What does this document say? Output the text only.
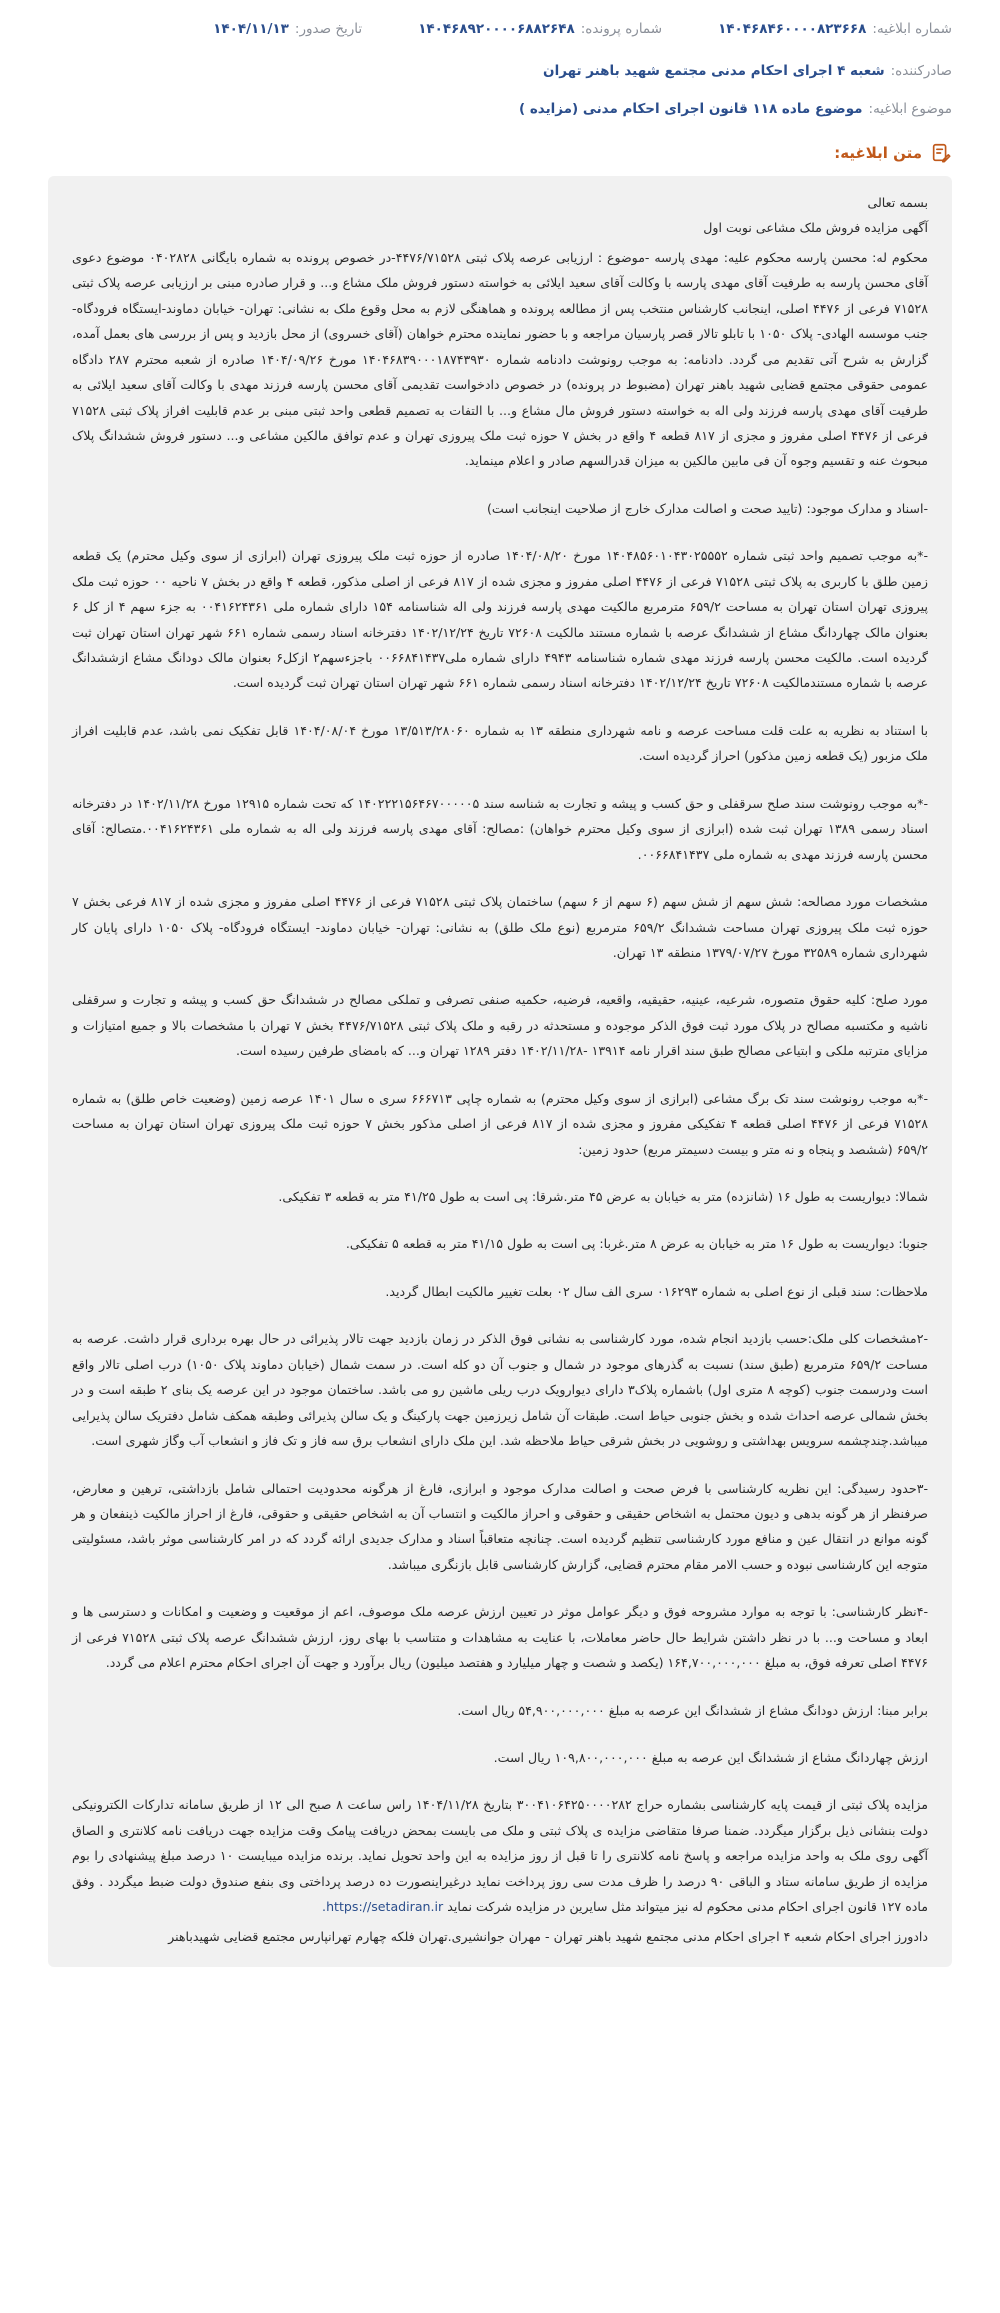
شماره ابلاغیه:۱۴۰۴۶۸۴۶۰۰۰۰۸۲۳۶۶۸
شماره پرونده:۱۴۰۴۶۸۹۲۰۰۰۰۶۸۸۲۶۴۸
تاریخ صدور:۱۴۰۴/۱۱/۱۳
صادرکننده:
شعبه ۴ اجرای احکام مدنی مجتمع شهید باهنر تهران
موضوع ابلاغیه:
موضوع ماده ۱۱۸ قانون اجرای احکام مدنی (مزایده )
متن ابلاغیه:

بسمه تعالی

آگهی مزایده فروش ملک مشاعی نوبت اول

محکوم له: محسن پارسه محکوم علیه: مهدی پارسه -موضوع : ارزیابی عرصه پلاک ثبتی ۴۴۷۶/۷۱۵۲۸-در خصوص پرونده به شماره بایگانی ۰۴۰۲۸۲۸ موضوع دعوی آقای محسن پارسه به طرفیت آقای مهدی پارسه با وکالت آقای سعید ایلائی به خواسته دستور فروش ملک مشاع و... و قرار صادره مبنی بر ارزیابی عرصه پلاک ثبتی ۷۱۵۲۸ فرعی از ۴۴۷۶ اصلی، اینجانب کارشناس منتخب پس از مطالعه پرونده و هماهنگی لازم به محل وقوع ملک به نشانی: تهران- خیابان دماوند-ایستگاه فرودگاه- جنب موسسه الهادی- پلاک ۱۰۵۰ با تابلو تالار قصر پارسیان مراجعه و با حضور نماینده محترم خواهان (آقای خسروی) از محل بازدید و پس از بررسی های بعمل آمده، گزارش به شرح آتی تقدیم می گردد. دادنامه: به موجب رونوشت دادنامه شماره ۱۴۰۴۶۸۳۹۰۰۰۱۸۷۴۳۹۳۰ مورخ ۱۴۰۴/۰۹/۲۶ صادره از شعبه محترم ۲۸۷ دادگاه عمومی حقوقی مجتمع قضایی شهید باهنر تهران (مضبوط در پرونده) در خصوص دادخواست تقدیمی آقای محسن پارسه فرزند مهدی با وکالت آقای سعید ایلائی به طرفیت آقای مهدی پارسه فرزند ولی اله به خواسته دستور فروش مال مشاع و... با التفات به تصمیم قطعی واحد ثبتی مبنی بر عدم قابلیت افراز پلاک ثبتی ۷۱۵۲۸ فرعی از ۴۴۷۶ اصلی مفروز و مجزی از ۸۱۷ قطعه ۴ واقع در بخش ۷ حوزه ثبت ملک پیروزی تهران و عدم توافق مالکین مشاعی و... دستور فروش ششدانگ پلاک مبحوث عنه و تقسیم وجوه آن فی مابین مالکین به میزان قدرالسهم صادر و اعلام مینماید.

-اسناد و مدارک موجود: (تایید صحت و اصالت مدارک خارج از صلاحیت اینجانب است)

-*به موجب تصمیم واحد ثبتی شماره ۱۴۰۴۸۵۶۰۱۰۴۳۰۲۵۵۵۲ مورخ ۱۴۰۴/۰۸/۲۰ صادره از حوزه ثبت ملک پیروزی تهران (ابرازی از سوی وکیل محترم) یک قطعه زمین طلق با کاربری به پلاک ثبتی ۷۱۵۲۸ فرعی از ۴۴۷۶ اصلی مفروز و مجزی شده از ۸۱۷ فرعی از اصلی مذکور، قطعه ۴ واقع در بخش ۷ ناحیه ۰۰ حوزه ثبت ملک پیروزی تهران استان تهران به مساحت ۶۵۹/۲ مترمربع مالکیت مهدی پارسه فرزند ولی اله شناسنامه ۱۵۴ دارای شماره ملی ۰۰۴۱۶۲۴۳۶۱ به جزء سهم ۴ از کل ۶ بعنوان مالک چهاردانگ مشاع از ششدانگ عرصه با شماره مستند مالکیت ۷۲۶۰۸ تاریخ ۱۴۰۲/۱۲/۲۴ دفترخانه اسناد رسمی شماره ۶۶۱ شهر تهران استان تهران ثبت گردیده است. مالکیت محسن پارسه فرزند مهدی شماره شناسنامه ۴۹۴۳ دارای شماره ملی۰۰۶۶۸۴۱۴۳۷ باجزءسهم۲ ازکل۶ بعنوان مالک دودانگ مشاع ازششدانگ عرصه با شماره مستندمالکیت ۷۲۶۰۸ تاریخ ۱۴۰۲/۱۲/۲۴ دفترخانه اسناد رسمی شماره ۶۶۱ شهر تهران استان تهران ثبت گردیده است.

با استناد به نظریه به علت قلت مساحت عرصه و نامه شهرداری منطقه ۱۳ به شماره ۱۳/۵۱۳/۲۸۰۶۰ مورخ ۱۴۰۴/۰۸/۰۴ قابل تفکیک نمی باشد، عدم قابلیت افراز ملک مزبور (یک قطعه زمین مذکور) احراز گردیده است.

-*به موجب رونوشت سند صلح سرقفلی و حق کسب و پیشه و تجارت به شناسه سند ۱۴۰۲۲۲۱۵۶۴۶۷۰۰۰۰۰۵ که تحت شماره ۱۲۹۱۵ مورخ ۱۴۰۲/۱۱/۲۸ در دفترخانه اسناد رسمی ۱۳۸۹ تهران ثبت شده (ابرازی از سوی وکیل محترم خواهان) :مصالح: آقای مهدی پارسه فرزند ولی اله به شماره ملی ۰۰۴۱۶۲۴۳۶۱.متصالح: آقای محسن پارسه فرزند مهدی به شماره ملی ۰۰۶۶۸۴۱۴۳۷.

مشخصات مورد مصالحه: شش سهم از شش سهم (۶ سهم از ۶ سهم) ساختمان پلاک ثبتی ۷۱۵۲۸ فرعی از ۴۴۷۶ اصلی مفروز و مجزی شده از ۸۱۷ فرعی بخش ۷ حوزه ثبت ملک پیروزی تهران مساحت ششدانگ ۶۵۹/۲ مترمربع (نوع ملک طلق) به نشانی: تهران- خیابان دماوند- ایستگاه فرودگاه- پلاک ۱۰۵۰ دارای پایان کار شهرداری شماره ۳۲۵۸۹ مورخ ۱۳۷۹/۰۷/۲۷ منطقه ۱۳ تهران.

مورد صلح: کلیه حقوق متصوره، شرعیه، عینیه، حقیقیه، واقعیه، فرضیه، حکمیه صنفی تصرفی و تملکی مصالح در ششدانگ حق کسب و پیشه و تجارت و سرقفلی ناشیه و مکتسبه مصالح در پلاک مورد ثبت فوق الذکر موجوده و مستحدثه در رقبه و ملک پلاک ثبتی ۴۴۷۶/۷۱۵۲۸ بخش ۷ تهران با مشخصات بالا و جمیع امتیازات و مزایای مترتبه ملکی و ابتیاعی مصالح طبق سند اقرار نامه ۱۳۹۱۴ -۱۴۰۲/۱۱/۲۸ دفتر ۱۲۸۹ تهران و... که بامضای طرفین رسیده است.

-*به موجب رونوشت سند تک برگ مشاعی (ابرازی از سوی وکیل محترم) به شماره چاپی ۶۶۶۷۱۳ سری ه سال ۱۴۰۱ عرصه زمین (وضعیت خاص طلق) به شماره ۷۱۵۲۸ فرعی از ۴۴۷۶ اصلی قطعه ۴ تفکیکی مفروز و مجزی شده از ۸۱۷ فرعی از اصلی مذکور بخش ۷ حوزه ثبت ملک پیروزی تهران استان تهران به مساحت ۶۵۹/۲ (ششصد و پنجاه و نه متر و بیست دسیمتر مربع) حدود زمین:

شمالا: دیواریست به طول ۱۶ (شانزده) متر به خیابان به عرض ۴۵ متر.شرقا: پی است به طول ۴۱/۲۵ متر به قطعه ۳ تفکیکی.

جنوبا: دیواریست به طول ۱۶ متر به خیابان به عرض ۸ متر.غربا: پی است به طول ۴۱/۱۵ متر به قطعه ۵ تفکیکی.

ملاحظات: سند قبلی از نوع اصلی به شماره ۰۱۶۲۹۳ سری الف سال ۰۲ بعلت تغییر مالکیت ابطال گردید.

-۲مشخصات کلی ملک:حسب بازدید انجام شده، مورد کارشناسی به نشانی فوق الذکر در زمان بازدید جهت تالار پذیرائی در حال بهره برداری قرار داشت. عرصه به مساحت ۶۵۹/۲ مترمربع (طبق سند) نسبت به گذرهای موجود در شمال و جنوب آن دو کله است. در سمت شمال (خیابان دماوند پلاک ۱۰۵۰) درب اصلی تالار واقع است ودرسمت جنوب (کوچه ۸ متری اول) باشماره پلاک۳ دارای دیوارویک درب ریلی ماشین رو می باشد. ساختمان موجود در این عرصه یک بنای ۲ طبقه است و در بخش شمالی عرصه احداث شده و بخش جنوبی حیاط است. طبقات آن شامل زیرزمین جهت پارکینگ و یک سالن پذیرائی وطبقه همکف شامل دفتریک سالن پذیرایی میباشد.چندچشمه سرویس بهداشتی و روشویی در بخش شرقی حیاط ملاحظه شد. این ملک دارای انشعاب برق سه فاز و تک فاز و انشعاب آب وگاز شهری است.

-۳حدود رسیدگی: این نظریه کارشناسی با فرض صحت و اصالت مدارک موجود و ابرازی، فارغ از هرگونه محدودیت احتمالی شامل بازداشتی، ترهین و معارض، صرفنظر از هر گونه بدهی و دیون محتمل به اشخاص حقیقی و حقوقی و احراز مالکیت و انتساب آن به اشخاص حقیقی و حقوقی، فارغ از احراز مالکیت ذینفعان و هر گونه موانع در انتقال عین و منافع مورد کارشناسی تنظیم گردیده است. چنانچه متعاقباً اسناد و مدارک جدیدی ارائه گردد که در امر کارشناسی موثر باشد، مسئولیتی متوجه این کارشناسی نبوده و حسب الامر مقام محترم قضایی، گزارش کارشناسی قابل بازنگری میباشد.

-۴نظر کارشناسی: با توجه به موارد مشروحه فوق و دیگر عوامل موثر در تعیین ارزش عرصه ملک موصوف، اعم از موقعیت و وضعیت و امکانات و دسترسی ها و ابعاد و مساحت و... با در نظر داشتن شرایط حال حاضر معاملات، با عنایت به مشاهدات و متناسب با بهای روز، ارزش ششدانگ عرصه پلاک ثبتی ۷۱۵۲۸ فرعی از ۴۴۷۶ اصلی تعرفه فوق، به مبلغ ۱۶۴,۷۰۰,۰۰۰,۰۰۰ (یکصد و شصت و چهار میلیارد و هفتصد میلیون) ریال برآورد و جهت آن اجرای احکام محترم اعلام می گردد.

برابر مبنا: ارزش دودانگ مشاع از ششدانگ این عرصه به مبلغ ۵۴,۹۰۰,۰۰۰,۰۰۰ ریال است.

ارزش چهاردانگ مشاع از ششدانگ این عرصه به مبلغ ۱۰۹,۸۰۰,۰۰۰,۰۰۰ ریال است.

مزایده پلاک ثبتی از قیمت پایه کارشناسی بشماره حراج ۳۰۰۴۱۰۶۴۲۵۰۰۰۰۲۸۲ بتاریخ ۱۴۰۴/۱۱/۲۸ راس ساعت ۸ صبح الی ۱۲ از طریق سامانه تدارکات الکترونیکی دولت بنشانی ذیل برگزار میگردد. ضمنا صرفا متقاضی مزایده ی پلاک ثبتی و ملک می بایست بمحض دریافت پیامک وقت مزایده جهت دریافت نامه کلانتری و الصاق آگهی روی ملک به واحد مزایده مراجعه و پاسخ نامه کلانتری را تا قبل از روز مزایده به این واحد تحویل نماید. برنده مزایده میبایست ۱۰ درصد مبلغ پیشنهادی را بوم مزایده از طریق سامانه ستاد و الباقی ۹۰ درصد را ظرف مدت سی روز پرداخت نماید درغیراینصورت ده درصد پرداختی وی بنفع صندوق دولت ضبط میگردد . وفق ماده ۱۲۷ قانون اجرای احکام مدنی محکوم له نیز میتواند مثل سایرین در مزایده شرکت نماید https://setadiran.ir.

دادورز اجرای احکام شعبه ۴ اجرای احکام مدنی مجتمع شهید باهنر تهران - مهران جوانشیری.تهران فلکه چهارم تهرانپارس مجتمع قضایی شهیدباهنر
